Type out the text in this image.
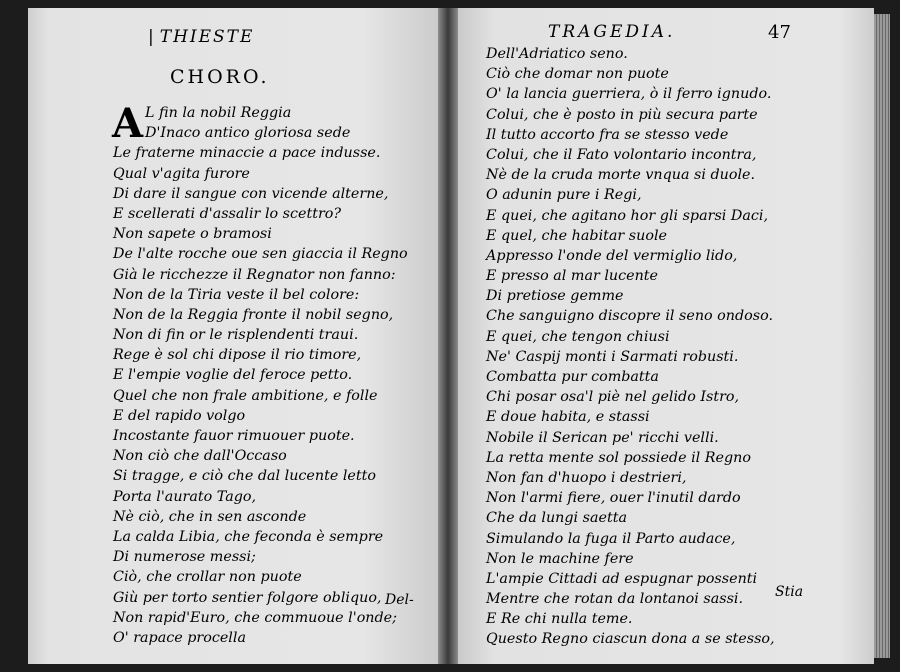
| THIESTE
CHORO.
A L fin la nobil Reggia
D'Inaco antico gloriosa sede
Le fraterne minaccie a pace indusse.
Qual v'agita furore
Di dare il sangue con vicende alterne,
E scellerati d'assalir lo scettro?
Non sapete o bramosi
De l'alte rocche oue sen giaccia il Regno
Già le ricchezze il Regnator non fanno:
Non de la Tiria veste il bel colore:
Non de la Reggia fronte il nobil segno,
Non di fin or le risplendenti traui.
Rege è sol chi dipose il rio timore,
E l'empie voglie del feroce petto.
Quel che non frale ambitione, e folle
E del rapido volgo
Incostante fauor rimuouer puote.
Non ciò che dall'Occaso
Si tragge, e ciò che dal lucente letto
Porta l'aurato Tago,
Nè ciò, che in sen asconde
La calda Libia, che feconda è sempre
Di numerose messi;
Ciò, che crollar non puote
Giù per torto sentier folgore obliquo,
Non rapid'Euro, che commuoue l'onde;
O' rapace procella
Del-
TRAGEDIA.	47
Dell'Adriatico seno.
Ciò che domar non puote
O' la lancia guerriera, ò il ferro ignudo.
Colui, che è posto in più secura parte
Il tutto accorto fra se stesso vede
Colui, che il Fato volontario incontra,
Nè de la cruda morte vnqua si duole.
O adunin pure i Regi,
E quei, che agitano hor gli sparsi Daci,
E quel, che habitar suole
Appresso l'onde del vermiglio lido,
E presso al mar lucente
Di pretiose gemme
Che sanguigno discopre il seno ondoso.
E quei, che tengon chiusi
Ne' Caspij monti i Sarmati robusti.
Combatta pur combatta
Chi posar osa'l piè nel gelido Istro,
E doue habita, e stassi
Nobile il Serican pe' ricchi velli.
La retta mente sol possiede il Regno
Non fan d'huopo i destrieri,
Non l'armi fiere, ouer l'inutil dardo
Che da lungi saetta
Simulando la fuga il Parto audace,
Non le machine fere
L'ampie Cittadi ad espugnar possenti
Mentre che rotan da lontanoi sassi.
E Re chi nulla teme.
Questo Regno ciascun dona a se stesso,
Stia
